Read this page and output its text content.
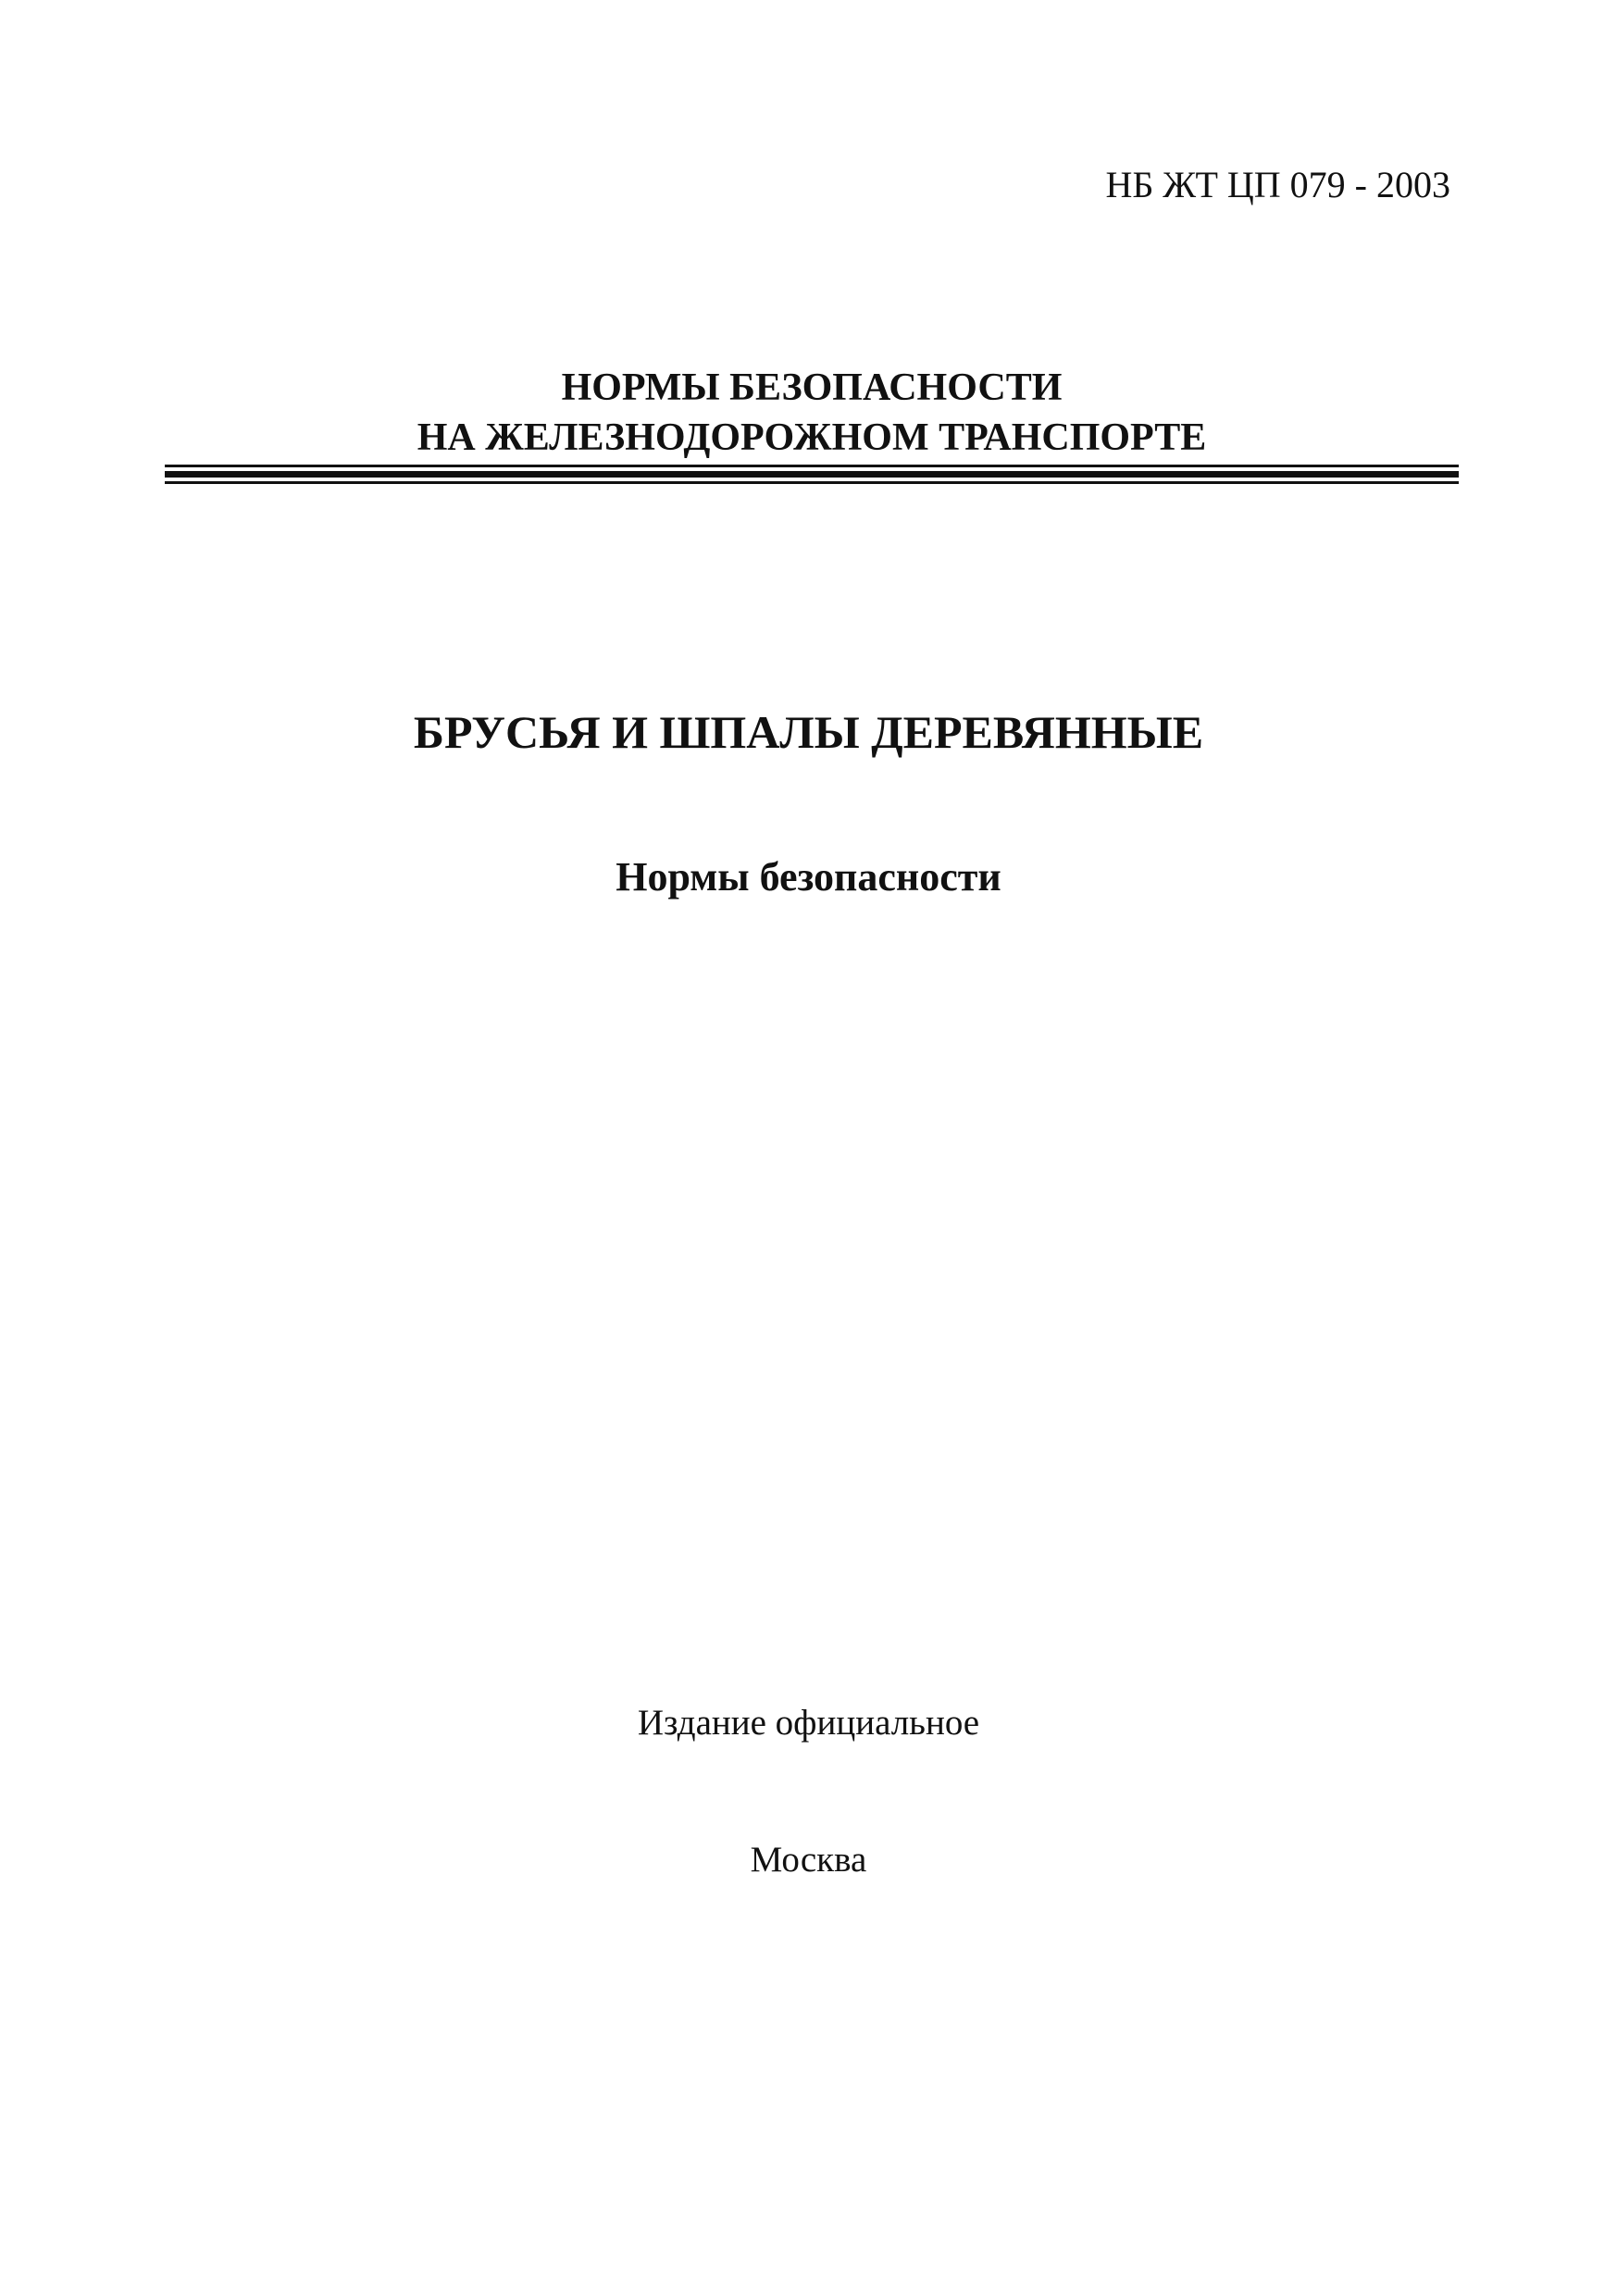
НБ ЖТ ЦП 079 - 2003
НОРМЫ БЕЗОПАСНОСТИ
НА ЖЕЛЕЗНОДОРОЖНОМ ТРАНСПОРТЕ
БРУСЬЯ И ШПАЛЫ ДЕРЕВЯННЫЕ
Нормы безопасности
Издание официальное
Москва
